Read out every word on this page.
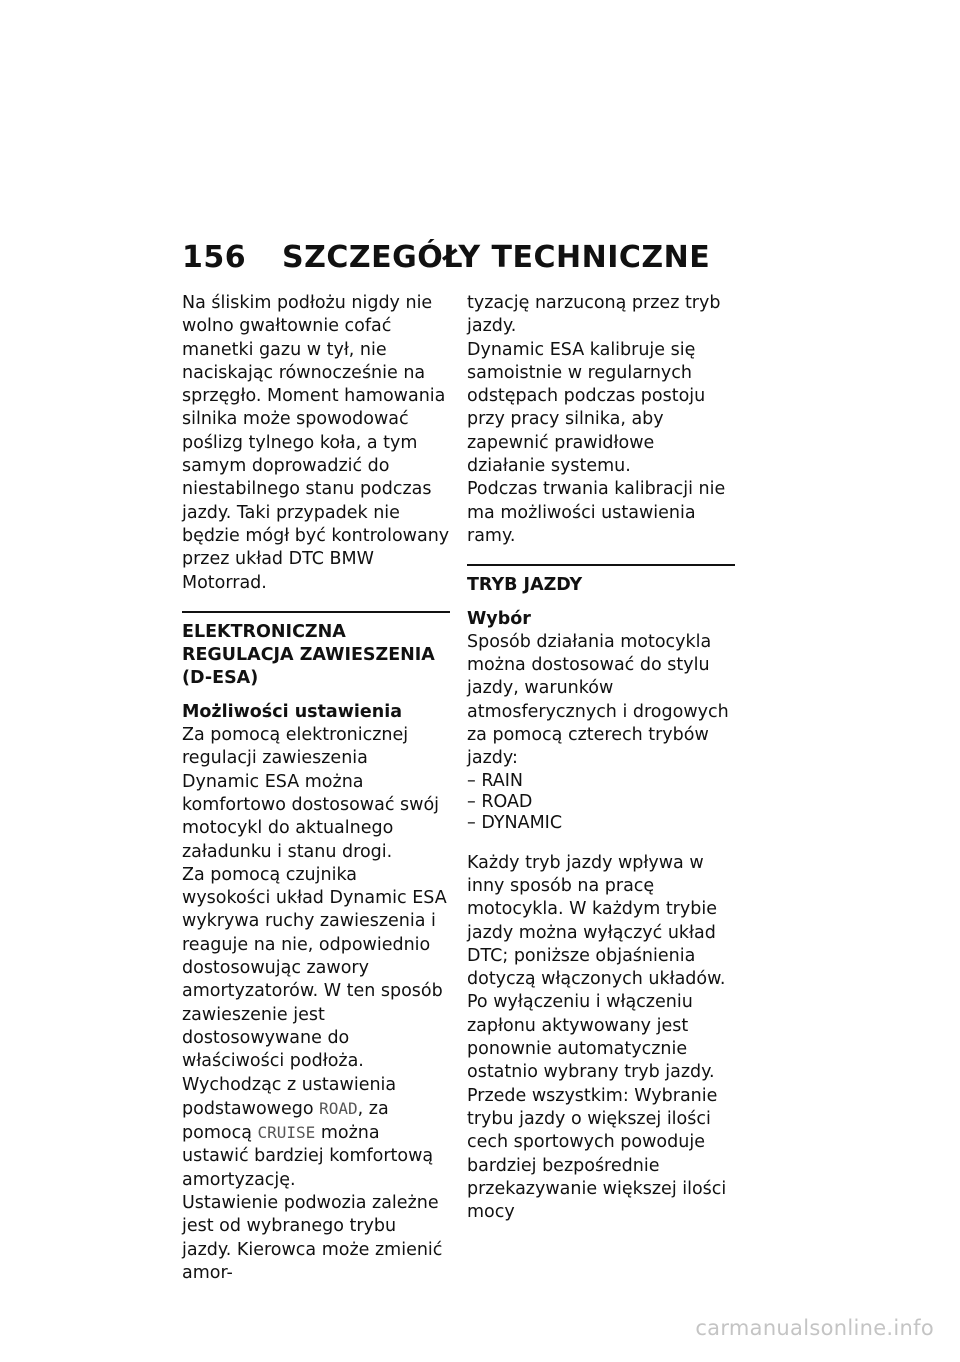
156 SZCZEGÓŁY TECHNICZNE

Na śliskim podłożu nigdy nie wolno gwałtownie cofać manetki gazu w tył, nie naciskając równocześnie na sprzęgło. Moment hamowania silnika może spowodować poślizg tylnego koła, a tym samym doprowadzić do niestabilnego stanu podczas jazdy. Taki przypadek nie będzie mógł być kontrolowany przez układ DTC BMW Motorrad.

ELEKTRONICZNA REGULACJA ZAWIESZENIA (D-ESA)

Możliwości ustawienia

Za pomocą elektronicznej regulacji zawieszenia Dynamic ESA można komfortowo dostosować swój motocykl do aktualnego załadunku i stanu drogi.

Za pomocą czujnika wysokości układ Dynamic ESA wykrywa ruchy zawieszenia i reaguje na nie, odpowiednio dostosowując zawory amortyzatorów. W ten sposób zawieszenie jest dostosowywane do właściwości podłoża.

Wychodząc z ustawienia podstawowego ROAD, za pomocą CRUISE można ustawić bardziej komfortową amortyzację.

Ustawienie podwozia zależne jest od wybranego trybu jazdy. Kierowca może zmienić amor-

tyzację narzuconą przez tryb jazdy.

Dynamic ESA kalibruje się samoistnie w regularnych odstępach podczas postoju przy pracy silnika, aby zapewnić prawidłowe działanie systemu.

Podczas trwania kalibracji nie ma możliwości ustawienia ramy.

TRYB JAZDY

Wybór

Sposób działania motocykla można dostosować do stylu jazdy, warunków atmosferycznych i drogowych za pomocą czterech trybów jazdy:

– RAIN
– ROAD
– DYNAMIC

Każdy tryb jazdy wpływa w inny sposób na pracę motocykla. W każdym trybie jazdy można wyłączyć układ DTC; poniższe objaśnienia dotyczą włączonych układów. Po wyłączeniu i włączeniu zapłonu aktywowany jest ponownie automatycznie ostatnio wybrany tryb jazdy.

Przede wszystkim: Wybranie trybu jazdy o większej ilości cech sportowych powoduje bardziej bezpośrednie przekazywanie większej ilości mocy

carmanualsonline.info
